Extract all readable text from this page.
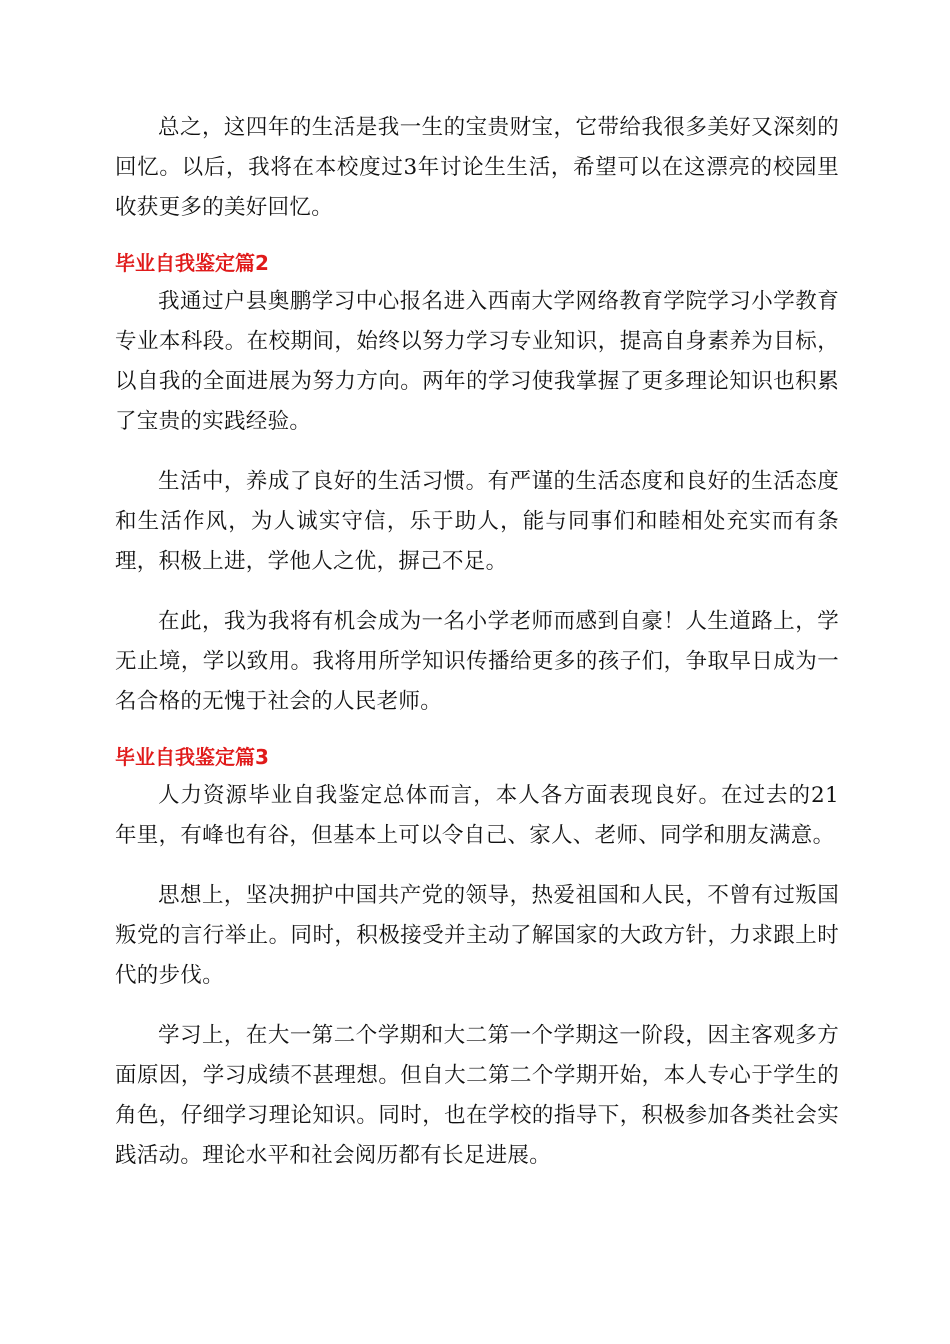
总之，这四年的生活是我一生的宝贵财宝，它带给我很多美好又深刻的回忆。以后，我将在本校度过3年讨论生生活，希望可以在这漂亮的校园里收获更多的美好回忆。

毕业自我鉴定篇2

我通过户县奥鹏学习中心报名进入西南大学网络教育学院学习小学教育专业本科段。在校期间，始终以努力学习专业知识，提高自身素养为目标，以自我的全面进展为努力方向。两年的学习使我掌握了更多理论知识也积累了宝贵的实践经验。

生活中，养成了良好的生活习惯。有严谨的生活态度和良好的生活态度和生活作风，为人诚实守信，乐于助人，能与同事们和睦相处充实而有条理，积极上进，学他人之优，摒己不足。

在此，我为我将有机会成为一名小学老师而感到自豪！人生道路上，学无止境，学以致用。我将用所学知识传播给更多的孩子们，争取早日成为一名合格的无愧于社会的人民老师。

毕业自我鉴定篇3

人力资源毕业自我鉴定总体而言，本人各方面表现良好。在过去的21年里，有峰也有谷，但基本上可以令自己、家人、老师、同学和朋友满意。

思想上，坚决拥护中国共产党的领导，热爱祖国和人民，不曾有过叛国叛党的言行举止。同时，积极接受并主动了解国家的大政方针，力求跟上时代的步伐。

学习上，在大一第二个学期和大二第一个学期这一阶段，因主客观多方面原因，学习成绩不甚理想。但自大二第二个学期开始，本人专心于学生的角色，仔细学习理论知识。同时，也在学校的指导下，积极参加各类社会实践活动。理论水平和社会阅历都有长足进展。
